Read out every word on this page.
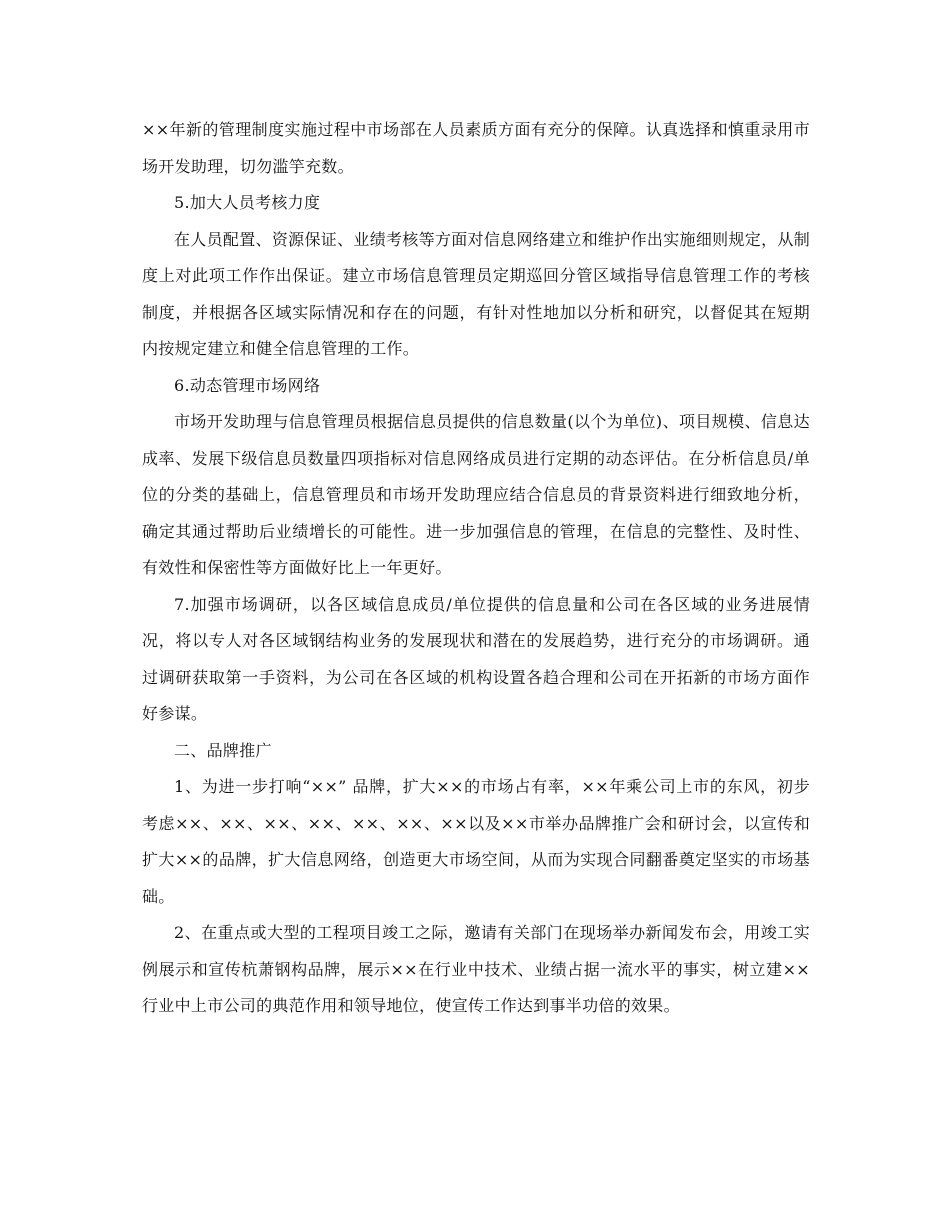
××年新的管理制度实施过程中市场部在人员素质方面有充分的保障。认真选择和慎重录用市场开发助理，切勿滥竽充数。

5.加大人员考核力度

在人员配置、资源保证、业绩考核等方面对信息网络建立和维护作出实施细则规定，从制度上对此项工作作出保证。建立市场信息管理员定期巡回分管区域指导信息管理工作的考核制度，并根据各区域实际情况和存在的问题，有针对性地加以分析和研究，以督促其在短期内按规定建立和健全信息管理的工作。

6.动态管理市场网络

市场开发助理与信息管理员根据信息员提供的信息数量(以个为单位)、项目规模、信息达成率、发展下级信息员数量四项指标对信息网络成员进行定期的动态评估。在分析信息员/单位的分类的基础上，信息管理员和市场开发助理应结合信息员的背景资料进行细致地分析，确定其通过帮助后业绩增长的可能性。进一步加强信息的管理，在信息的完整性、及时性、有效性和保密性等方面做好比上一年更好。

7.加强市场调研，以各区域信息成员/单位提供的信息量和公司在各区域的业务进展情况，将以专人对各区域钢结构业务的发展现状和潜在的发展趋势，进行充分的市场调研。通过调研获取第一手资料，为公司在各区域的机构设置各趋合理和公司在开拓新的市场方面作好参谋。

二、品牌推广

1、为进一步打响“××” 品牌，扩大××的市场占有率，××年乘公司上市的东风，初步考虑××、××、××、××、××、××、××以及××市举办品牌推广会和研讨会，以宣传和扩大××的品牌，扩大信息网络，创造更大市场空间，从而为实现合同翻番奠定坚实的市场基础。

2、在重点或大型的工程项目竣工之际，邀请有关部门在现场举办新闻发布会，用竣工实例展示和宣传杭萧钢构品牌，展示××在行业中技术、业绩占据一流水平的事实，树立建××行业中上市公司的典范作用和领导地位，使宣传工作达到事半功倍的效果。
